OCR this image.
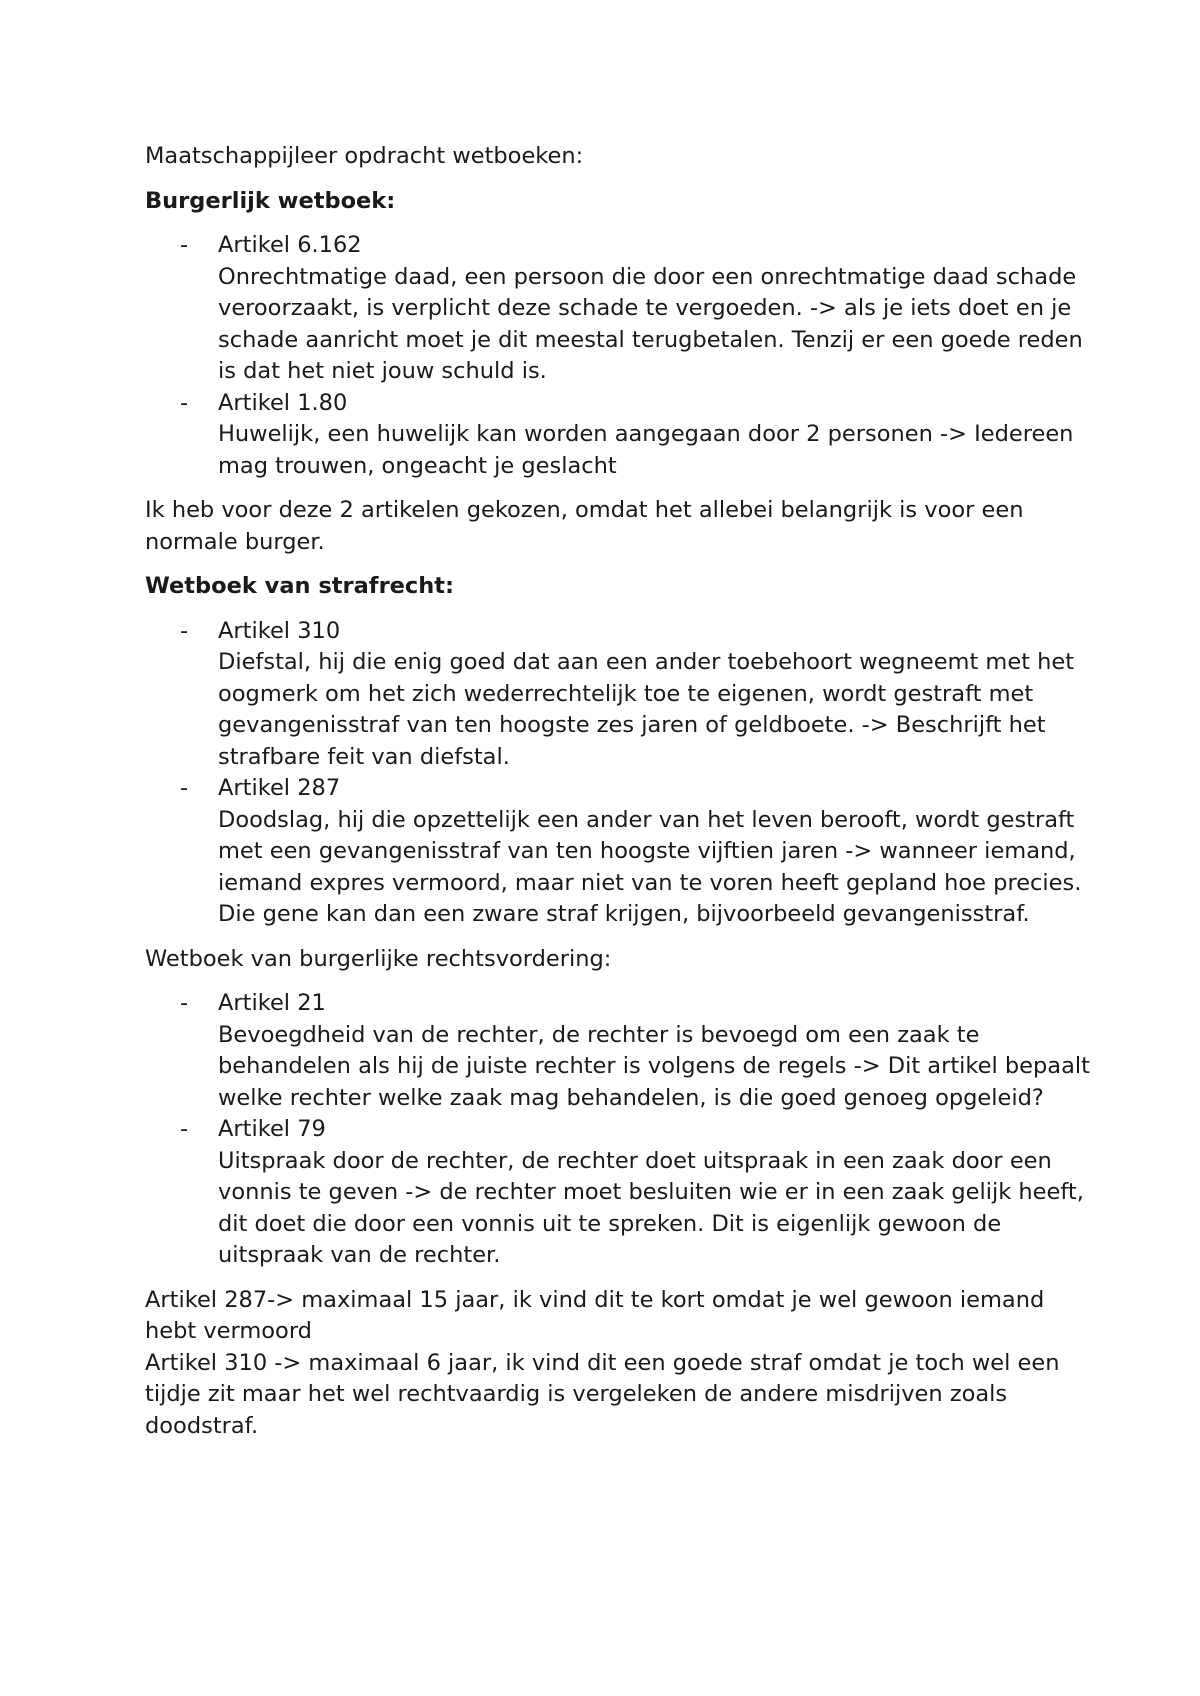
Maatschappijleer opdracht wetboeken:

Burgerlijk wetboek:

- Artikel 6.162
Onrechtmatige daad, een persoon die door een onrechtmatige daad schade veroorzaakt, is verplicht deze schade te vergoeden. -> als je iets doet en je schade aanricht moet je dit meestal terugbetalen. Tenzij er een goede reden is dat het niet jouw schuld is.
- Artikel 1.80
Huwelijk, een huwelijk kan worden aangegaan door 2 personen -> Iedereen mag trouwen, ongeacht je geslacht

Ik heb voor deze 2 artikelen gekozen, omdat het allebei belangrijk is voor een normale burger.

Wetboek van strafrecht:

- Artikel 310
Diefstal, hij die enig goed dat aan een ander toebehoort wegneemt met het oogmerk om het zich wederrechtelijk toe te eigenen, wordt gestraft met gevangenisstraf van ten hoogste zes jaren of geldboete. -> Beschrijft het strafbare feit van diefstal.
- Artikel 287
Doodslag, hij die opzettelijk een ander van het leven berooft, wordt gestraft met een gevangenisstraf van ten hoogste vijftien jaren -> wanneer iemand, iemand expres vermoord, maar niet van te voren heeft gepland hoe precies. Die gene kan dan een zware straf krijgen, bijvoorbeeld gevangenisstraf.

Wetboek van burgerlijke rechtsvordering:

- Artikel 21
Bevoegdheid van de rechter, de rechter is bevoegd om een zaak te behandelen als hij de juiste rechter is volgens de regels -> Dit artikel bepaalt welke rechter welke zaak mag behandelen, is die goed genoeg opgeleid?
- Artikel 79
Uitspraak door de rechter, de rechter doet uitspraak in een zaak door een vonnis te geven -> de rechter moet besluiten wie er in een zaak gelijk heeft, dit doet die door een vonnis uit te spreken. Dit is eigenlijk gewoon de uitspraak van de rechter.

Artikel 287-> maximaal 15 jaar, ik vind dit te kort omdat je wel gewoon iemand hebt vermoord

Artikel 310 -> maximaal 6 jaar, ik vind dit een goede straf omdat je toch wel een tijdje zit maar het wel rechtvaardig is vergeleken de andere misdrijven zoals doodstraf.
